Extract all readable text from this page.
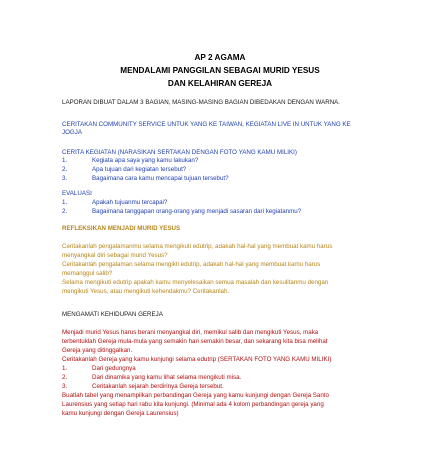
AP 2 AGAMA
MENDALAMI PANGGILAN SEBAGAI MURID YESUS
DAN KELAHIRAN GEREJA
LAPORAN DIBUAT DALAM 3 BAGIAN, MASING-MASING BAGIAN DIBEDAKAN DENGAN WARNA.
CERITAKAN COMMUNITY SERVICE UNTUK YANG KE TAIWAN, KEGIATAN LIVE IN UNTUK YANG KE
JOGJA
CERITA KEGIATAN (NARASIKAN SERTAKAN DENGAN FOTO YANG KAMU MILIKI)
1.	Kegiata apa saya yang kamu lakukan?
2.	Apa tujuan dari kegiatan tersebut?
3.	Bagaimana cara kamu mencapai tujuan tersebut?
EVALUASI
1.	Apakah tujuanmu tercapai?
2.	Bagaimana tanggapan orang-orang yang menjadi sasaran dari kegiatanmu?
REFLEKSIKAN MENJADI MURID YESUS
Ceritakanlah pengalamanmu selama mengikuti edutrip, adakah hal-hal yang membuat kamu harus
menyangkal diri sebagai murid Yesus?
Ceritakanlah pengalaman selama mengikti edutrip, adakah hal-hal yang membuat kamu harus
memanggul salib?
Selama mengikuti edutrip apakah kamu menyelesaikan semua masalah dan kesulitanmu dengan
mengikuti Yesus, atau mengikuti kehendakmu? Ceritakanlah.
MENGAMATI KEHIDUPAN GEREJA
Menjadi murid Yesus harus berani menyangkal diri, memikul salib dan mengikuti Yesus, maka
terbentuklah Gereja mula-mula yang semakin hari semakin besar, dan sekarang kita bisa melihat
Gereja yang ditinggalkan.
Ceritakanlah Gereja yang kamu kunjungi selama edutrip (SERTAKAN FOTO YANG KAMU MILIKI)
1.	Dari gedungnya
2.	Dari dinamika yang kamu lihat selama mengikuti misa.
3.	Ceritakanlah sejarah berdirinya Gereja tersebut.
Buatlah tabel yang menampilkan perbandingan Gereja yang kamu kunjungi dengan Gereja Santo
Laurensius yang setiap hari rabu kita kunjungi. (Minimal ada 4 kolom perbandingan gereja yang
kamu kunjungi dengan Gereja Laurensius)
